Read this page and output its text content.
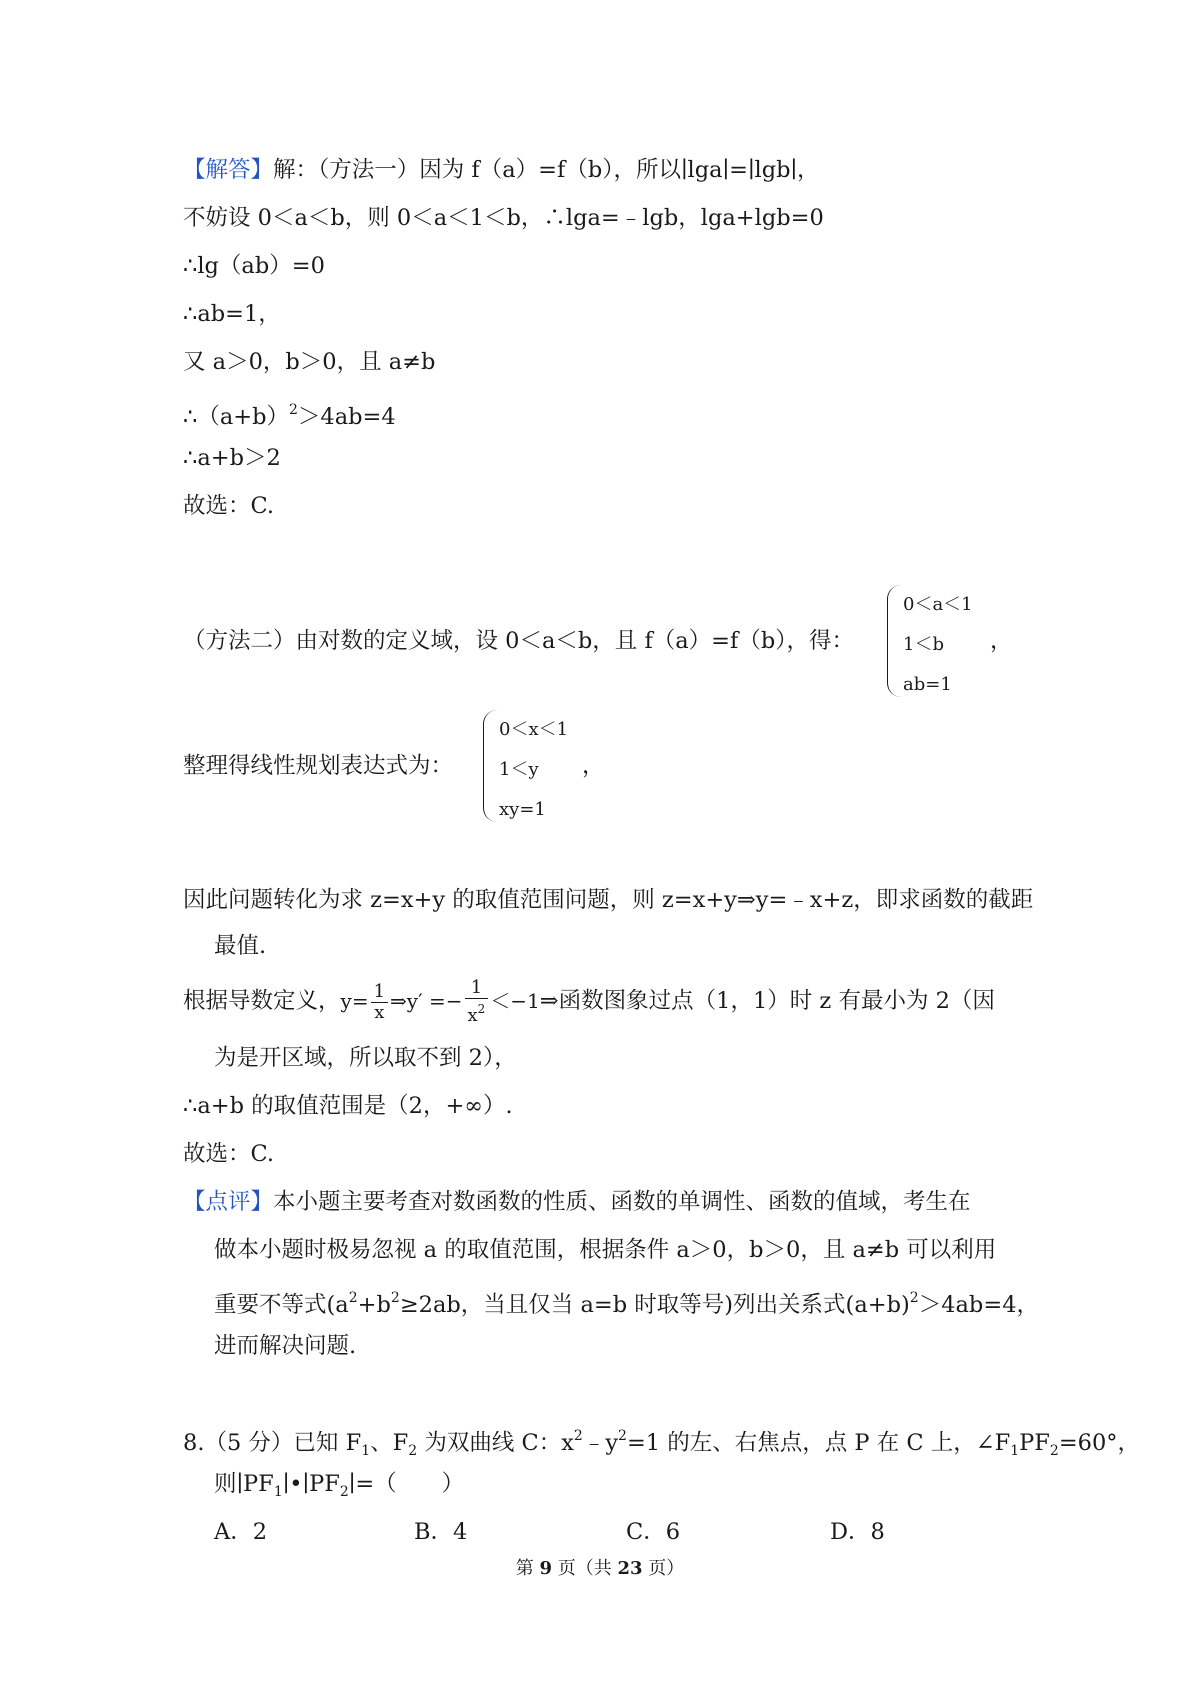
【解答】解：（方法一）因为 f（a）=f（b），所以∣lga∣=∣lgb∣，
不妨设 0＜a＜b，则 0＜a＜1＜b，∴lga=﹣lgb，lga+lgb=0
∴lg（ab）=0
∴ab=1，
又 a＞0，b＞0，且 a≠b
$\therefore(a+b)^2>4ab=4$
∴a+b＞2
故选：C.
（方法二）由对数的定义域，设 0＜a＜b，且 f（a）=f（b），得：
0＜a＜1
1＜b
ab=1
，
整理得线性规划表达式为：
0＜x＜1
1＜y
xy=1
，
因此问题转化为求 z=x+y 的取值范围问题，则 z=x+y⇒y=﹣x+z，即求函数的截距
最值.
根据导数定义，$y= \frac{1}{x}$ ⇒y′ =− $\frac{1}{x^2}$ ＜−1⇒函数图象过点（1，1）时 z 有最小为 2（因
为是开区域，所以取不到 2），
∴a+b 的取值范围是（2，+∞）.
故选：C.
【点评】本小题主要考查对数函数的性质、函数的单调性、函数的值域，考生在
做本小题时极易忽视 a 的取值范围，根据条件 a＞0，b＞0，且 a≠b 可以利用
重要不等式($a^2+b^2\ge 2ab$，当且仅当 a=b 时取等号)列出关系式$(a+b)^2>4ab=4$，
进而解决问题.
8.（5 分）已知 $F_1$、$F_2$ 为双曲线 C：$x^2﹣y^2=1$ 的左、右焦点，点 P 在 C 上，$\angle F_1PF_2=60^\circ$，
则$∣PF_1∣•∣PF_2∣=$（　　）
A．2	B．4	C．6	D．8
第 9 页（共 23 页）
